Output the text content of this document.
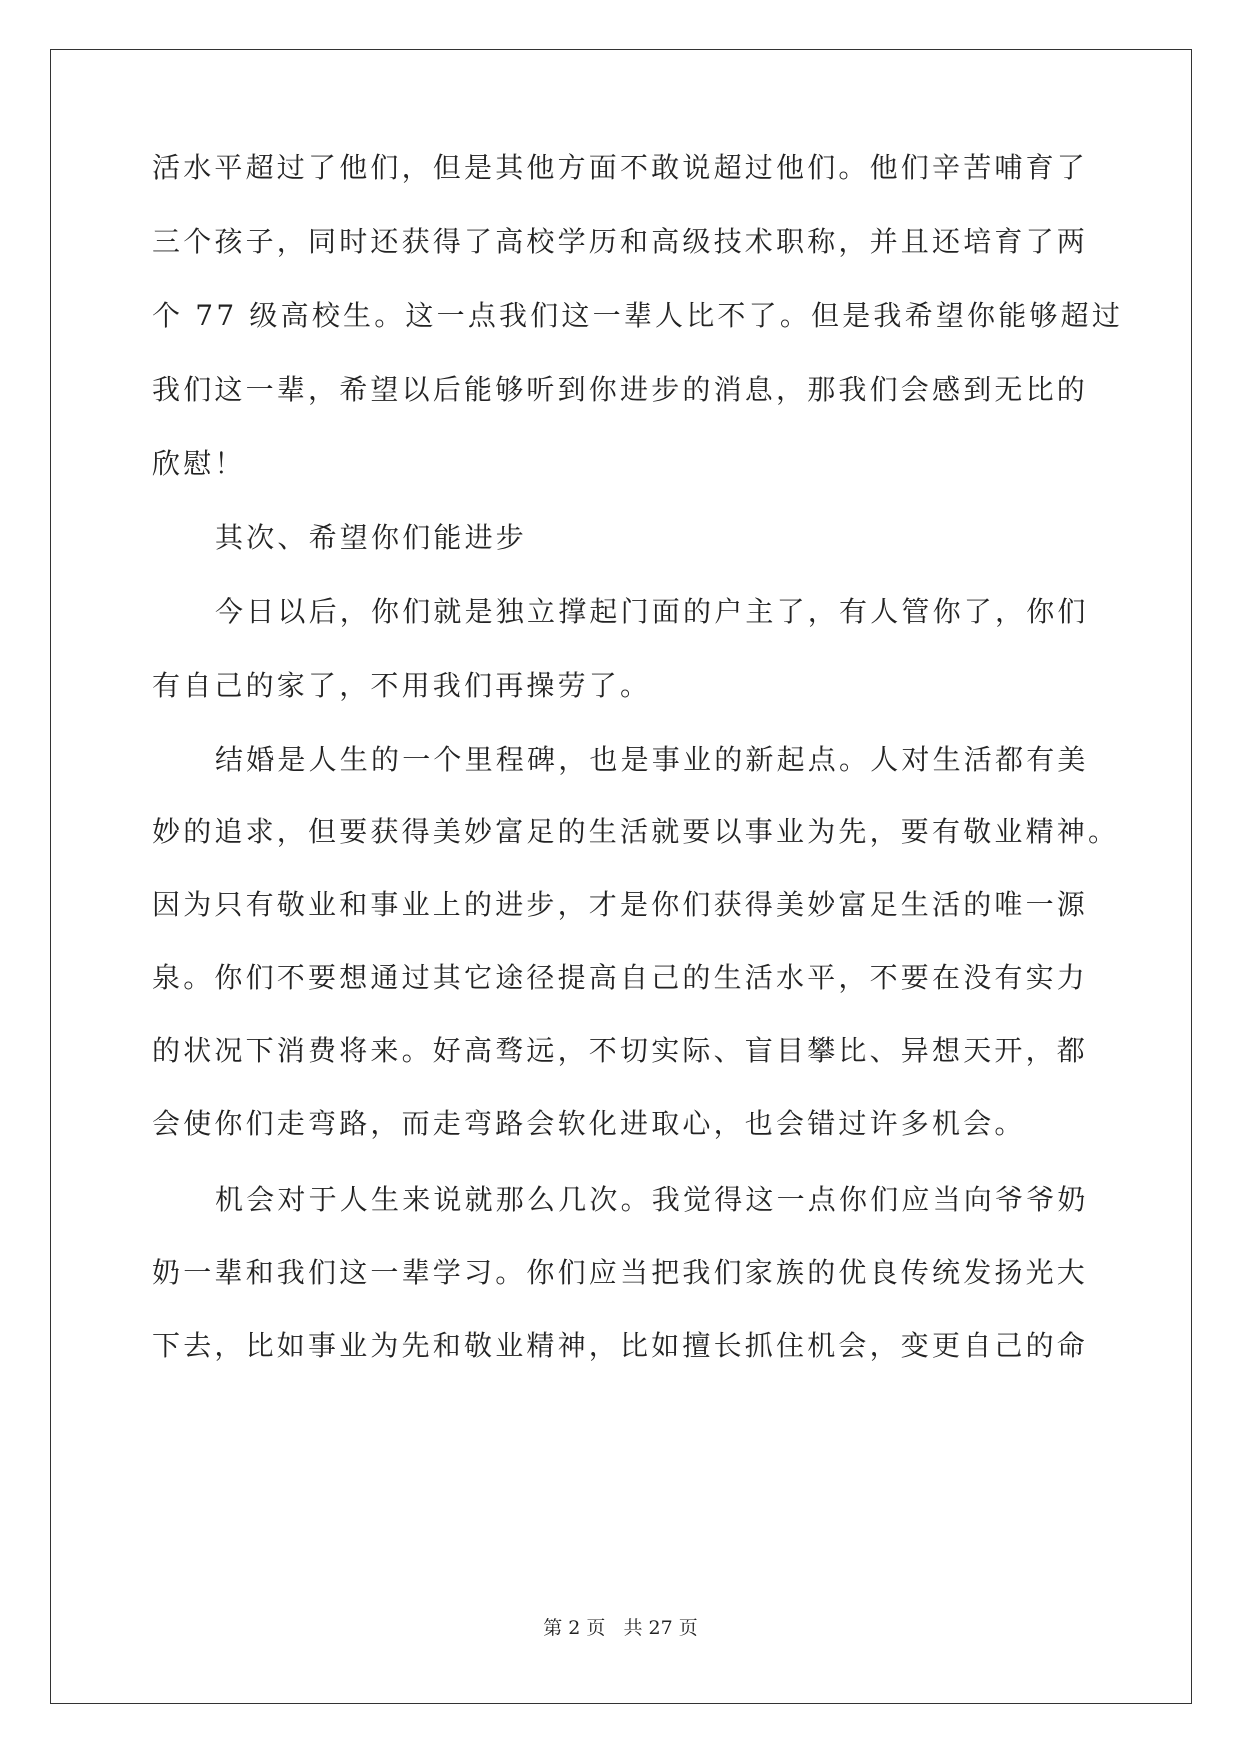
活水平超过了他们，但是其他方面不敢说超过他们。他们辛苦哺育了
三个孩子，同时还获得了高校学历和高级技术职称，并且还培育了两
个 77 级高校生。这一点我们这一辈人比不了。但是我希望你能够超过
我们这一辈，希望以后能够听到你进步的消息，那我们会感到无比的
欣慰！
其次、希望你们能进步
今日以后，你们就是独立撑起门面的户主了，有人管你了，你们
有自己的家了，不用我们再操劳了。
结婚是人生的一个里程碑，也是事业的新起点。人对生活都有美
妙的追求，但要获得美妙富足的生活就要以事业为先，要有敬业精神。
因为只有敬业和事业上的进步，才是你们获得美妙富足生活的唯一源
泉。你们不要想通过其它途径提高自己的生活水平，不要在没有实力
的状况下消费将来。好高骛远，不切实际、盲目攀比、异想天开，都
会使你们走弯路，而走弯路会软化进取心，也会错过许多机会。
机会对于人生来说就那么几次。我觉得这一点你们应当向爷爷奶
奶一辈和我们这一辈学习。你们应当把我们家族的优良传统发扬光大
下去，比如事业为先和敬业精神，比如擅长抓住机会，变更自己的命
第 2 页 共 27 页
